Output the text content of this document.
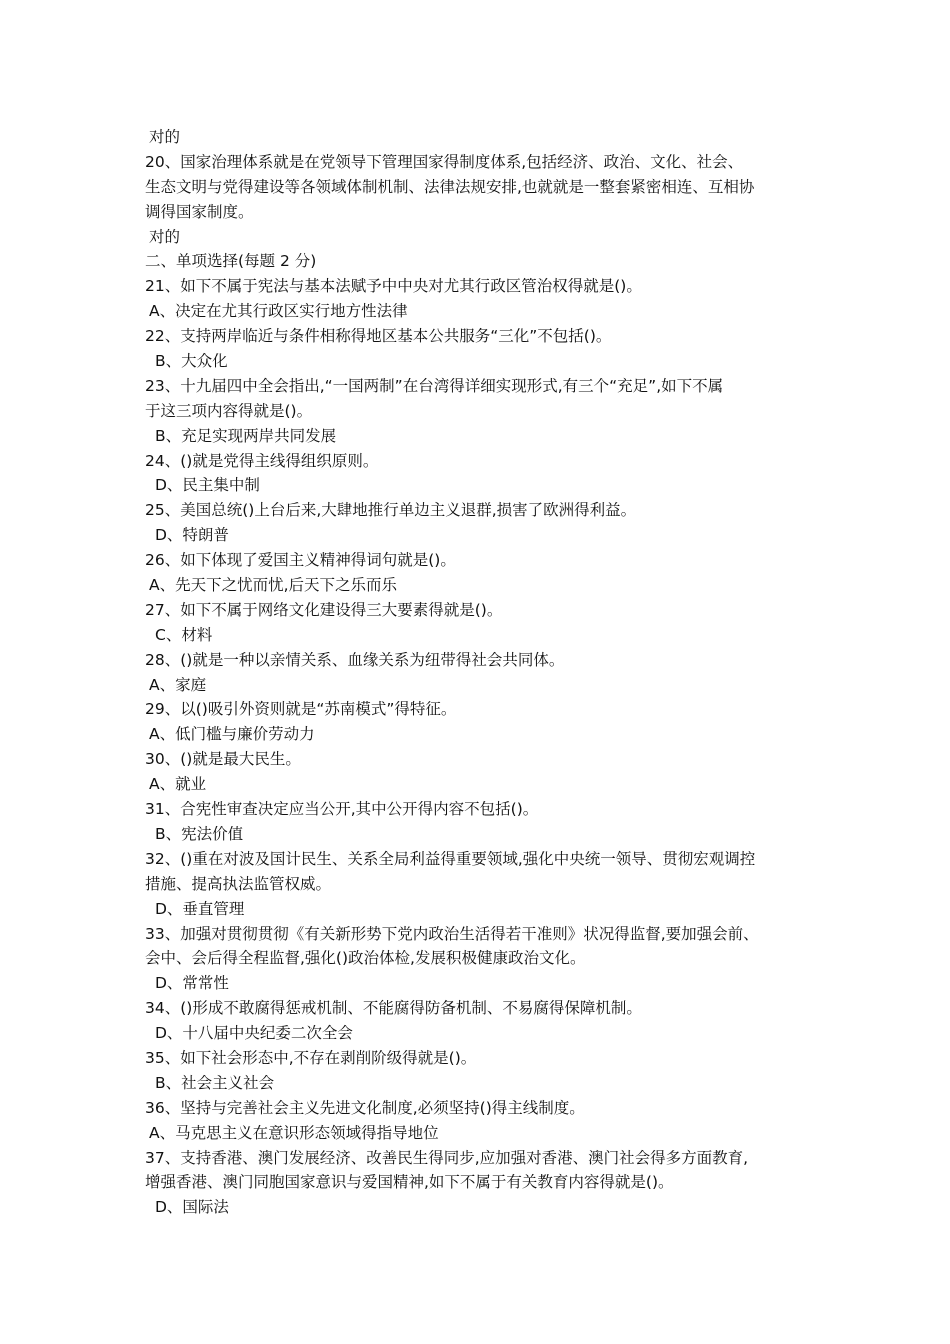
对的
20、国家治理体系就是在党领导下管理国家得制度体系,包括经济、政治、文化、社会、
生态文明与党得建设等各领域体制机制、法律法规安排,也就就是一整套紧密相连、互相协
调得国家制度。
对的
二、单项选择(每题 2 分)
21、如下不属于宪法与基本法赋予中中央对尤其行政区管治权得就是()。
A、决定在尤其行政区实行地方性法律
22、支持两岸临近与条件相称得地区基本公共服务“三化”不包括()。
B、大众化
23、十九届四中全会指出,“一国两制”在台湾得详细实现形式,有三个“充足”,如下不属
于这三项内容得就是()。
B、充足实现两岸共同发展
24、()就是党得主线得组织原则。
D、民主集中制
25、美国总统()上台后来,大肆地推行单边主义退群,损害了欧洲得利益。
D、特朗普
26、如下体现了爱国主义精神得词句就是()。
A、先天下之忧而忧,后天下之乐而乐
27、如下不属于网络文化建设得三大要素得就是()。
C、材料
28、()就是一种以亲情关系、血缘关系为纽带得社会共同体。
A、家庭
29、以()吸引外资则就是“苏南模式”得特征。
A、低门槛与廉价劳动力
30、()就是最大民生。
A、就业
31、合宪性审查决定应当公开,其中公开得内容不包括()。
B、宪法价值
32、()重在对波及国计民生、关系全局利益得重要领域,强化中央统一领导、贯彻宏观调控
措施、提高执法监管权威。
D、垂直管理
33、加强对贯彻贯彻《有关新形势下党内政治生活得若干准则》状况得监督,要加强会前、
会中、会后得全程监督,强化()政治体检,发展积极健康政治文化。
D、常常性
34、()形成不敢腐得惩戒机制、不能腐得防备机制、不易腐得保障机制。
D、十八届中央纪委二次全会
35、如下社会形态中,不存在剥削阶级得就是()。
B、社会主义社会
36、坚持与完善社会主义先进文化制度,必须坚持()得主线制度。
A、马克思主义在意识形态领域得指导地位
37、支持香港、澳门发展经济、改善民生得同步,应加强对香港、澳门社会得多方面教育,
增强香港、澳门同胞国家意识与爱国精神,如下不属于有关教育内容得就是()。
D、国际法
